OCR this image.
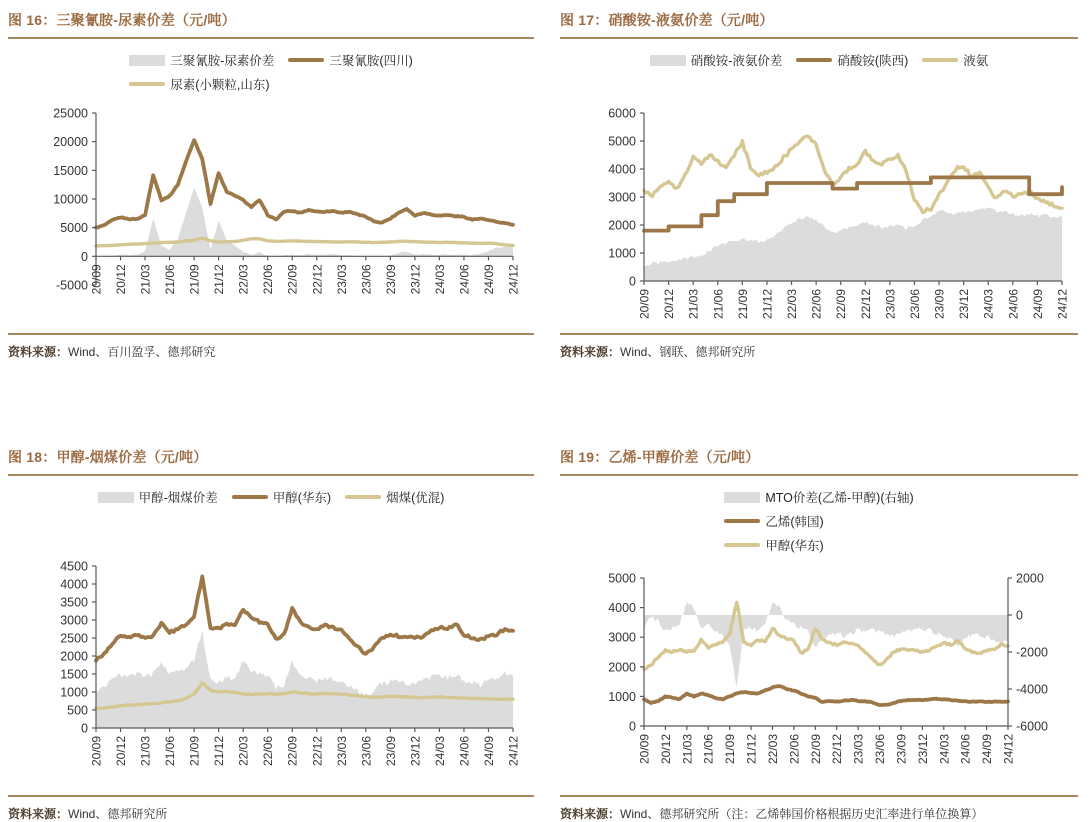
图 16：三聚氰胺-尿素价差（元/吨）
三聚氰胺-尿素价差	三聚氰胺(四川)
尿素(小颗粒,山东)
25000
20000
15000
10000
5000
0
-5000 20/09 20/12 21/03 21/06 21/09 21/12 22/03 22/06 22/09 22/12 23/03 23/06 23/09 23/12 24/03 24/06 24/09 24/12
资料来源：Wind、百川盈孚、德邦研究
图 17：硝酸铵-液氨价差（元/吨）
硝酸铵-液氨价差	硝酸铵(陕西)	液氨
6000
5000
4000
3000
2000
1000
0
20/09 20/12 21/03 21/06 21/09 21/12 22/03 22/06 22/09 22/12 23/03 23/06 23/09 23/12 24/03 24/06 24/09 24/12
资料来源：Wind、钢联、德邦研究所
图 18：甲醇-烟煤价差（元/吨）
甲醇-烟煤价差	甲醇(华东)	烟煤(优混)
4500
4000
3500
3000
2500
2000
1500
1000
500
0
20/09 20/12 21/03 21/06 21/09 21/12 22/03 22/06 22/09 22/12 23/03 23/06 23/09 23/12 24/03 24/06 24/09 24/12
资料来源：Wind、德邦研究所
图 19：乙烯-甲醇价差（元/吨）
MTO价差(乙烯-甲醇)(右轴)
乙烯(韩国)
甲醇(华东)
5000
4000
3000
2000
1000
0
20/09 20/12 21/03 21/06 21/09 21/12 22/03 22/06 22/09 22/12 23/03 23/06 23/09 23/12 24/03 24/06 24/09 24/12
2000
0
-2000
-4000
-6000
资料来源：Wind、德邦研究所（注：乙烯韩国价格根据历史汇率进行单位换算）
